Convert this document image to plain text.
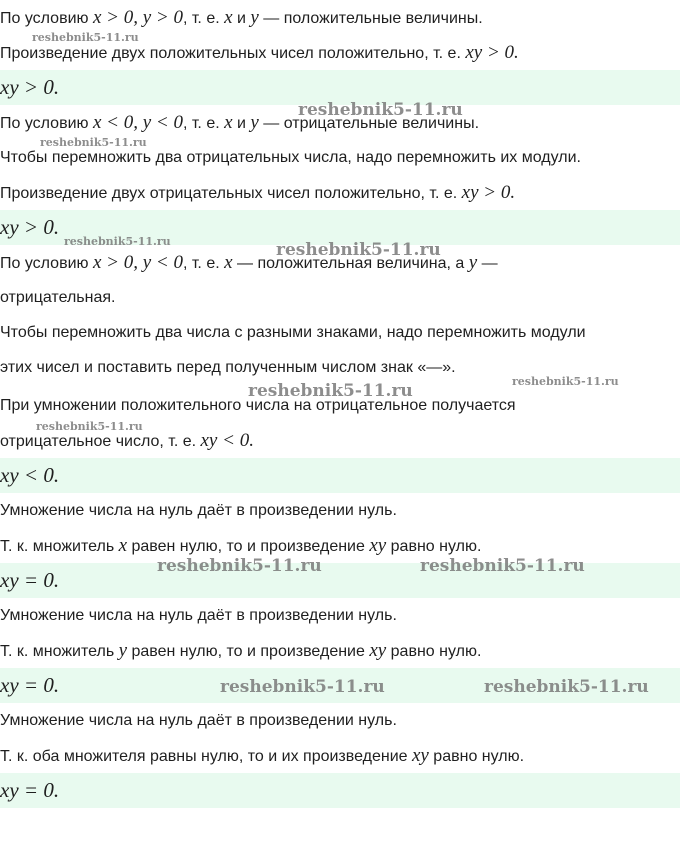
По условию x > 0, y > 0, т. е. x и y — положительные величины.
Произведение двух положительных чисел положительно, т. е. xy > 0.
xy > 0.
По условию x < 0, y < 0, т. е. x и y — отрицательные величины.
Чтобы перемножить два отрицательных числа, надо перемножить их модули.
Произведение двух отрицательных чисел положительно, т. е. xy > 0.
xy > 0.
По условию x > 0, y < 0, т. е. x — положительная величина, а y —
отрицательная.
Чтобы перемножить два числа с разными знаками, надо перемножить модули
этих чисел и поставить перед полученным числом знак «—».
При умножении положительного числа на отрицательное получается
отрицательное число, т. е. xy < 0.
xy < 0.
Умножение числа на нуль даёт в произведении нуль.
Т. к. множитель x равен нулю, то и произведение xy равно нулю.
xy = 0.
Умножение числа на нуль даёт в произведении нуль.
Т. к. множитель y равен нулю, то и произведение xy равно нулю.
xy = 0.
Умножение числа на нуль даёт в произведении нуль.
Т. к. оба множителя равны нулю, то и их произведение xy равно нулю.
xy = 0.
reshebnik5-11.ru
reshebnik5-11.ru
reshebnik5-11.ru
reshebnik5-11.ru	reshebnik5-11.ru
reshebnik5-11.ru	reshebnik5-11.ru
reshebnik5-11.ru
reshebnik5-11.ru	reshebnik5-11.ru
reshebnik5-11.ru	reshebnik5-11.ru
